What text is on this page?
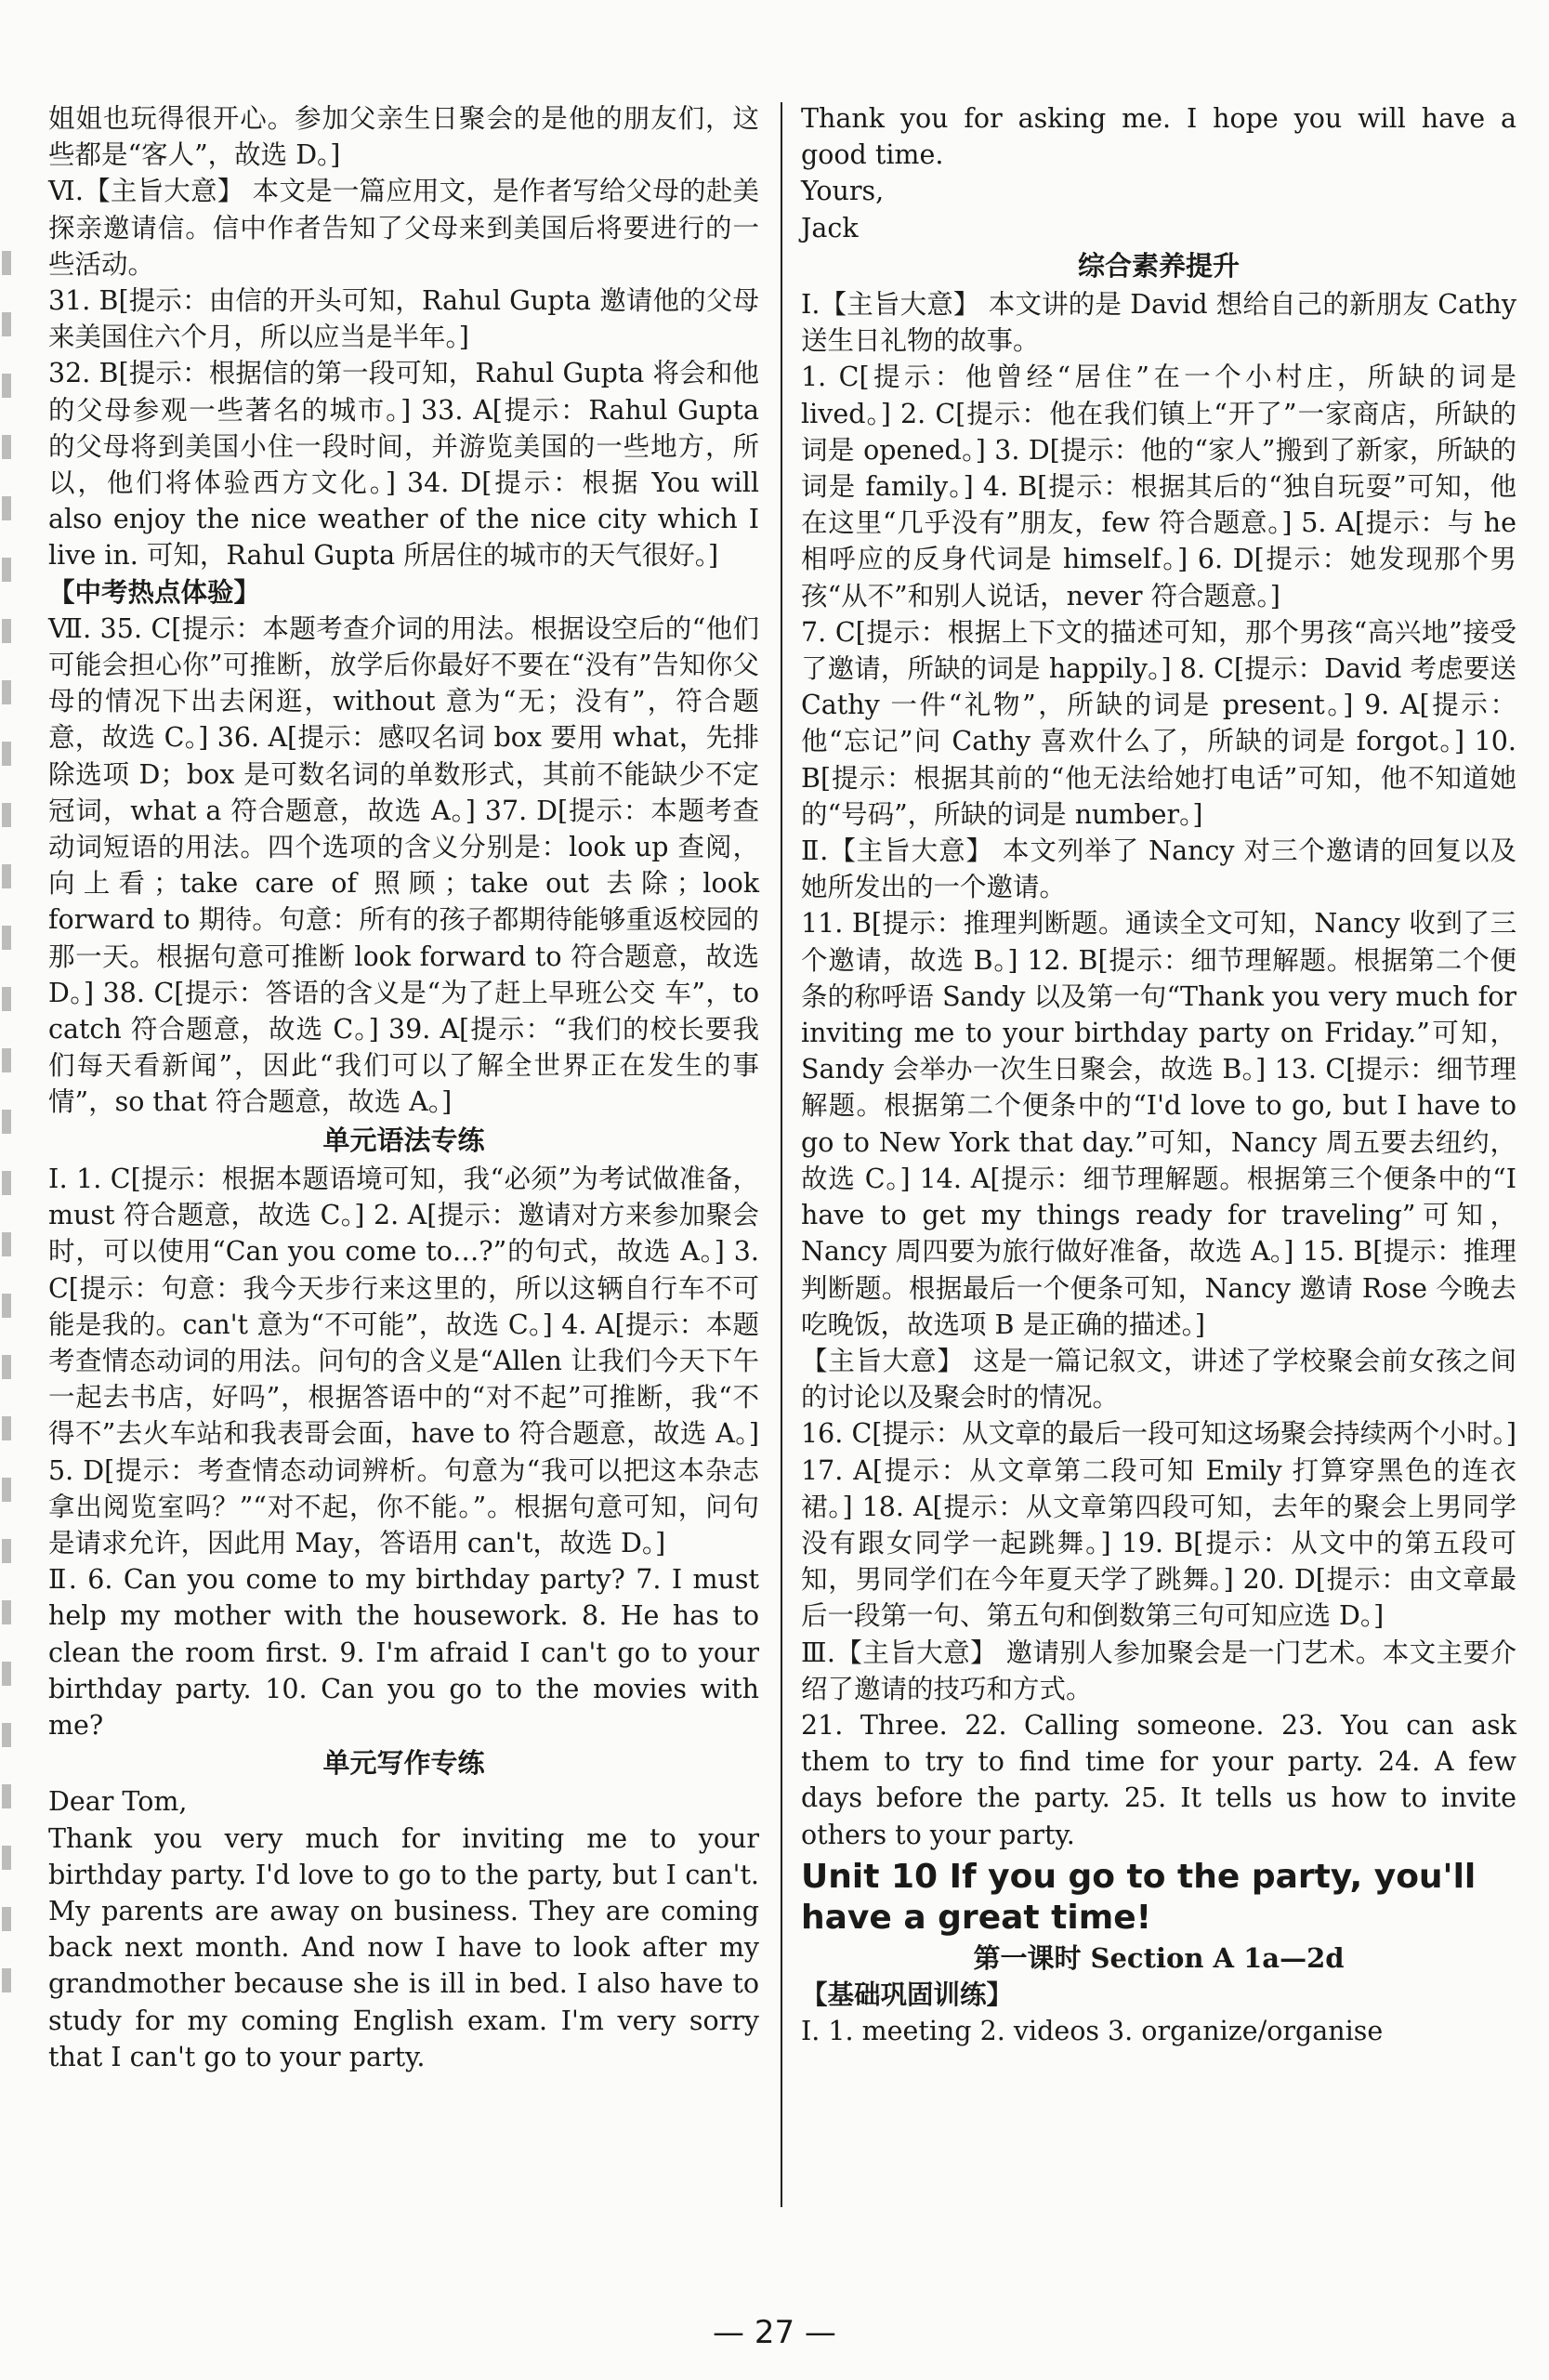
姐姐也玩得很开心。参加父亲生日聚会的是他的朋友们，这些都是“客人”，故选 D。]

Ⅵ.【主旨大意】 本文是一篇应用文，是作者写给父母的赴美探亲邀请信。信中作者告知了父母来到美国后将要进行的一些活动。

31. B[提示：由信的开头可知，Rahul Gupta 邀请他的父母来美国住六个月，所以应当是半年。]

32. B[提示：根据信的第一段可知，Rahul Gupta 将会和他的父母参观一些著名的城市。] 33. A[提示：Rahul Gupta 的父母将到美国小住一段时间，并游览美国的一些地方，所以，他们将体验西方文化。] 34. D[提示：根据 You will also enjoy the nice weather of the nice city which I live in. 可知，Rahul Gupta 所居住的城市的天气很好。]

【中考热点体验】

Ⅶ. 35. C[提示：本题考查介词的用法。根据设空后的“他们可能会担心你”可推断，放学后你最好不要在“没有”告知你父母的情况下出去闲逛，without 意为“无；没有”，符合题意，故选 C。] 36. A[提示：感叹名词 box 要用 what，先排除选项 D；box 是可数名词的单数形式，其前不能缺少不定冠词，what a 符合题意，故选 A。] 37. D[提示：本题考查动词短语的用法。四个选项的含义分别是：look up 查阅，向上看；take care of 照顾；take out 去除；look forward to 期待。句意：所有的孩子都期待能够重返校园的那一天。根据句意可推断 look forward to 符合题意，故选 D。] 38. C[提示：答语的含义是“为了赶上早班公交 车”，to catch 符合题意，故选 C。] 39. A[提示：“我们的校长要我们每天看新闻”，因此“我们可以了解全世界正在发生的事情”，so that 符合题意，故选 A。]

单元语法专练

Ⅰ. 1. C[提示：根据本题语境可知，我“必须”为考试做准备，must 符合题意，故选 C。] 2. A[提示：邀请对方来参加聚会时，可以使用“Can you come to…?”的句式，故选 A。] 3. C[提示：句意：我今天步行来这里的，所以这辆自行车不可能是我的。can't 意为“不可能”，故选 C。] 4. A[提示：本题考查情态动词的用法。问句的含义是“Allen 让我们今天下午一起去书店，好吗”，根据答语中的“对不起”可推断，我“不得不”去火车站和我表哥会面，have to 符合题意，故选 A。] 5. D[提示：考查情态动词辨析。句意为“我可以把这本杂志拿出阅览室吗？”“对不起，你不能。”。根据句意可知，问句是请求允许，因此用 May，答语用 can't，故选 D。]

Ⅱ. 6. Can you come to my birthday party? 7. I must help my mother with the housework. 8. He has to clean the room first. 9. I'm afraid I can't go to your birthday party. 10. Can you go to the movies with me?

单元写作专练

Dear Tom,

Thank you very much for inviting me to your birthday party. I'd love to go to the party, but I can't. My parents are away on business. They are coming back next month. And now I have to look after my grandmother because she is ill in bed. I also have to study for my coming English exam. I'm very sorry that I can't go to your party.

Thank you for asking me. I hope you will have a good time.

Yours,

Jack

综合素养提升

Ⅰ.【主旨大意】 本文讲的是 David 想给自己的新朋友 Cathy 送生日礼物的故事。

1. C[提示：他曾经“居住”在一个小村庄，所缺的词是 lived。] 2. C[提示：他在我们镇上“开了”一家商店，所缺的词是 opened。] 3. D[提示：他的“家人”搬到了新家，所缺的词是 family。] 4. B[提示：根据其后的“独自玩耍”可知，他在这里“几乎没有”朋友，few 符合题意。] 5. A[提示：与 he 相呼应的反身代词是 himself。] 6. D[提示：她发现那个男孩“从不”和别人说话，never 符合题意。]

7. C[提示：根据上下文的描述可知，那个男孩“高兴地”接受了邀请，所缺的词是 happily。] 8. C[提示：David 考虑要送 Cathy 一件“礼物”，所缺的词是 present。] 9. A[提示：他“忘记”问 Cathy 喜欢什么了，所缺的词是 forgot。] 10. B[提示：根据其前的“他无法给她打电话”可知，他不知道她的“号码”，所缺的词是 number。]

Ⅱ.【主旨大意】 本文列举了 Nancy 对三个邀请的回复以及她所发出的一个邀请。

11. B[提示：推理判断题。通读全文可知，Nancy 收到了三个邀请，故选 B。] 12. B[提示：细节理解题。根据第二个便条的称呼语 Sandy 以及第一句“Thank you very much for inviting me to your birthday party on Friday.”可知，Sandy 会举办一次生日聚会，故选 B。] 13. C[提示：细节理解题。根据第二个便条中的“I'd love to go, but I have to go to New York that day.”可知，Nancy 周五要去纽约，故选 C。] 14. A[提示：细节理解题。根据第三个便条中的“I have to get my things ready for traveling”可知，Nancy 周四要为旅行做好准备，故选 A。] 15. B[提示：推理判断题。根据最后一个便条可知，Nancy 邀请 Rose 今晚去吃晚饭，故选项 B 是正确的描述。]

【主旨大意】 这是一篇记叙文，讲述了学校聚会前女孩之间的讨论以及聚会时的情况。

16. C[提示：从文章的最后一段可知这场聚会持续两个小时。] 17. A[提示：从文章第二段可知 Emily 打算穿黑色的连衣裙。] 18. A[提示：从文章第四段可知，去年的聚会上男同学没有跟女同学一起跳舞。] 19. B[提示：从文中的第五段可知，男同学们在今年夏天学了跳舞。] 20. D[提示：由文章最后一段第一句、第五句和倒数第三句可知应选 D。]

Ⅲ.【主旨大意】 邀请别人参加聚会是一门艺术。本文主要介绍了邀请的技巧和方式。

21. Three. 22. Calling someone. 23. You can ask them to try to find time for your party. 24. A few days before the party. 25. It tells us how to invite others to your party.

Unit 10 If you go to the party, you'll have a great time!

第一课时 Section A 1a—2d

【基础巩固训练】

Ⅰ. 1. meeting 2. videos 3. organize/organise

— 27 —
